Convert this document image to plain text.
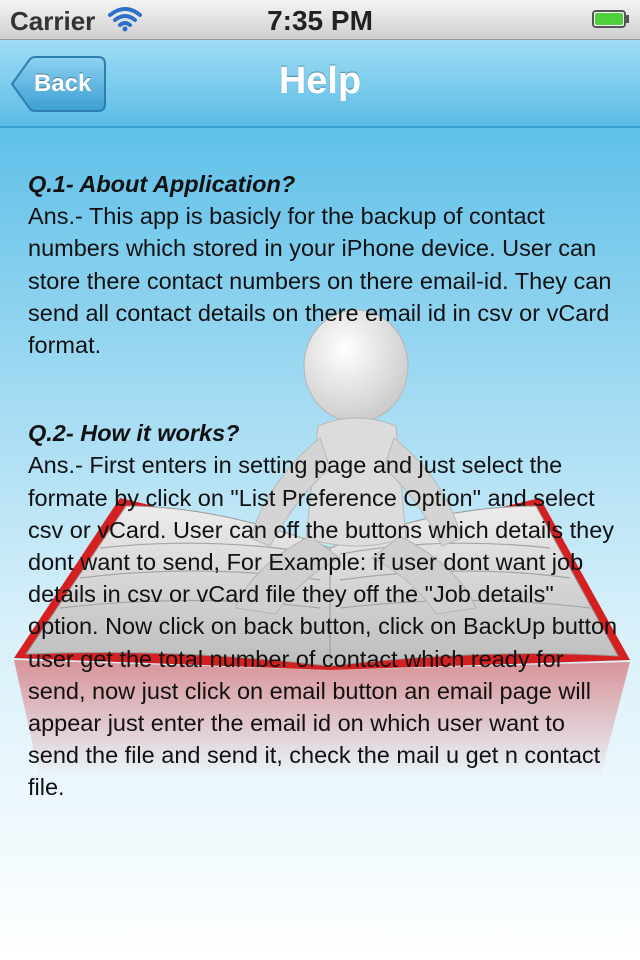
Carrier	7:35 PM
Back	Help
Q.1- About Application?
Ans.- This app is basicly for the backup of contact numbers which stored in your iPhone device. User can store there contact numbers on there email-id. They can send all contact details on there email id in csv or vCard format.
Q.2- How it works?
Ans.- First enters in setting page and just select the formate by click on "List Preference Option" and select csv or vCard. User can off the buttons which details they dont want to send, For Example: if user dont want job details in csv or vCard file they off the "Job details" option. Now click on back button, click on BackUp button user get the total number of contact which ready for send, now just click on email button an email page will appear just enter the email id on which user want to send the file and send it, check the mail u get n contact file.
